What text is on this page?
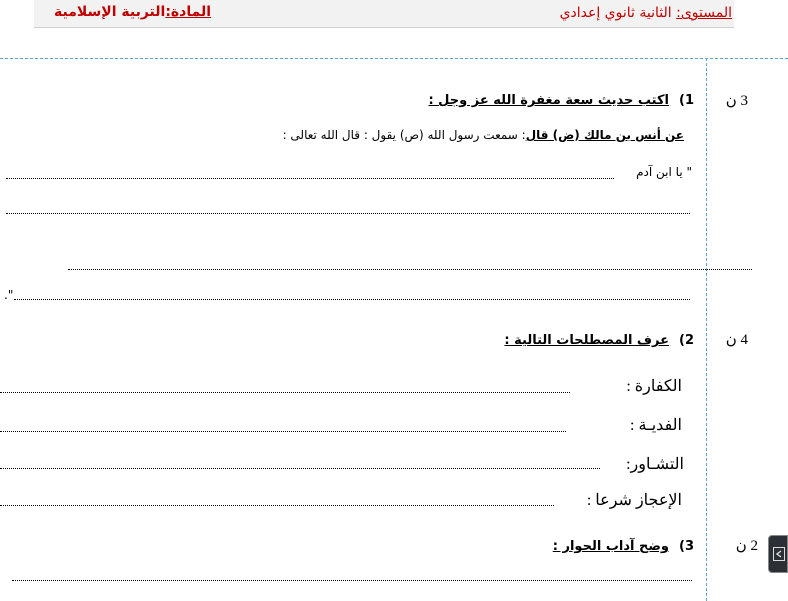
المادة:التربية الإسلامية	المستوى: الثانية ثانوي إعدادي
3 ن
1)اكتب حديث سعة مغفرة الله عز وجل :
عن أنس بن مالك (ض) قال: سمعت رسول الله (ص) يقول : قال الله تعالى :
" يا ابن آدم
".
4 ن
2)عرف المصطلحات التالية :
الكفارة :
الفديـة :
التشـاور:
الإعجاز شرعا :
2 ن
3)وضح آداب الحوار :
